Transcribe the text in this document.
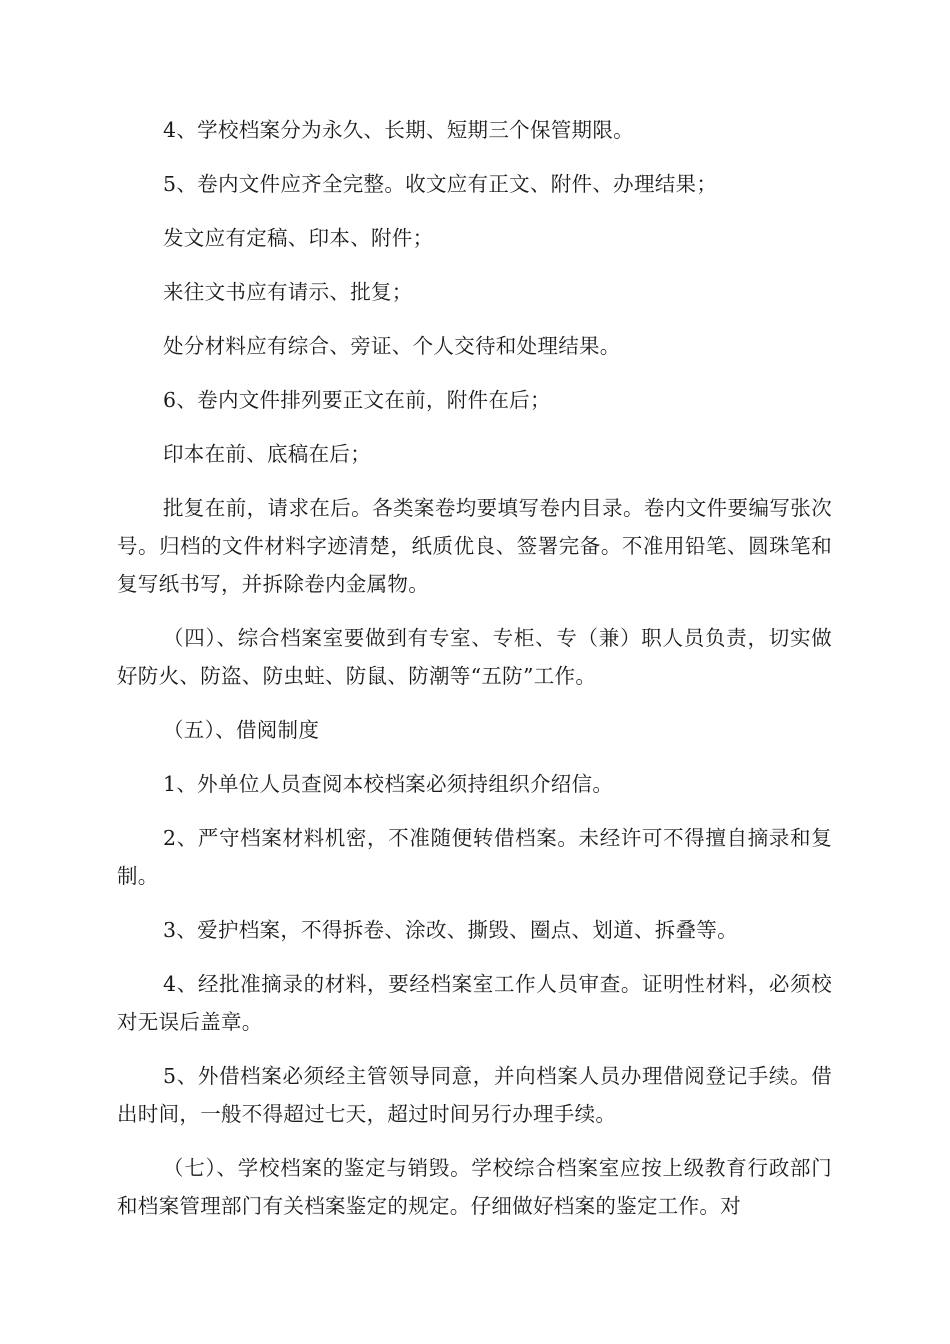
4、学校档案分为永久、长期、短期三个保管期限。

5、卷内文件应齐全完整。收文应有正文、附件、办理结果；

发文应有定稿、印本、附件；

来往文书应有请示、批复；

处分材料应有综合、旁证、个人交待和处理结果。

6、卷内文件排列要正文在前，附件在后；

印本在前、底稿在后；

批复在前，请求在后。各类案卷均要填写卷内目录。卷内文件要编写张次号。归档的文件材料字迹清楚，纸质优良、签署完备。不准用铅笔、圆珠笔和复写纸书写，并拆除卷内金属物。

（四）、综合档案室要做到有专室、专柜、专（兼）职人员负责，切实做好防火、防盗、防虫蛀、防鼠、防潮等“五防”工作。

（五）、借阅制度

1、外单位人员查阅本校档案必须持组织介绍信。

2、严守档案材料机密，不准随便转借档案。未经许可不得擅自摘录和复制。

3、爱护档案，不得拆卷、涂改、撕毁、圈点、划道、拆叠等。

4、经批准摘录的材料，要经档案室工作人员审查。证明性材料，必须校对无误后盖章。

5、外借档案必须经主管领导同意，并向档案人员办理借阅登记手续。借出时间，一般不得超过七天，超过时间另行办理手续。

（七）、学校档案的鉴定与销毁。学校综合档案室应按上级教育行政部门和档案管理部门有关档案鉴定的规定。仔细做好档案的鉴定工作。对
